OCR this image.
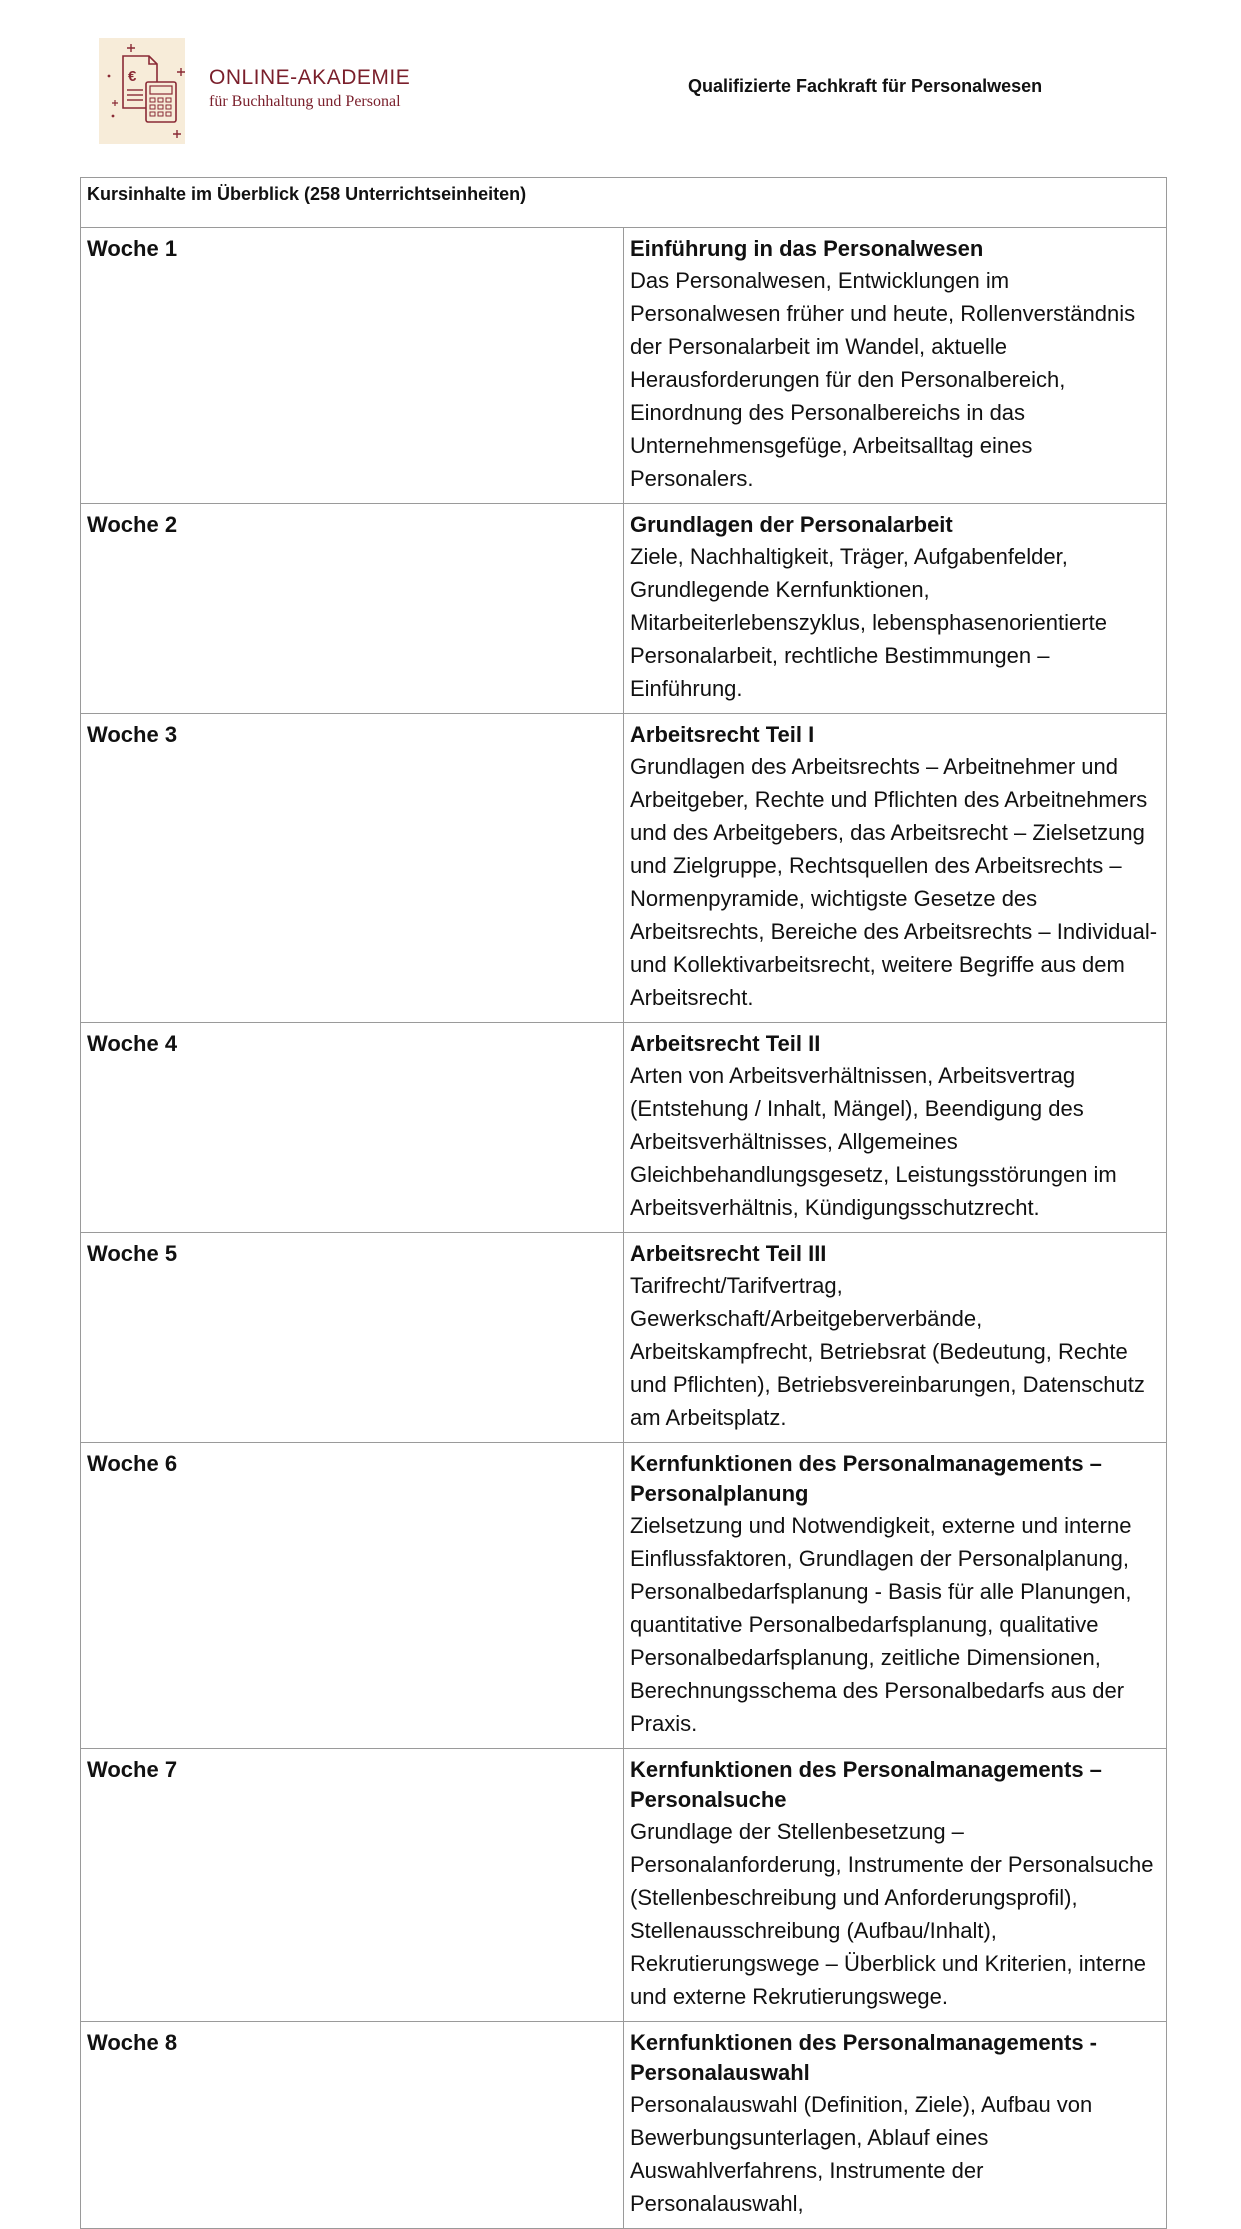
€	ONLINE-AKADEMIE
für Buchhaltung und Personal
Qualifizierte Fachkraft für Personalwesen
Kursinhalte im Überblick (258 Unterrichtseinheiten)	
Woche 1	Einführung in das Personalwesen
Das Personalwesen, Entwicklungen im Personalwesen früher und heute, Rollenverständnis der Personalarbeit im Wandel, aktuelle Herausforderungen für den Personalbereich, Einordnung des Personalbereichs in das Unternehmensgefüge, Arbeitsalltag eines Personalers.

Woche 2	Grundlagen der Personalarbeit
Ziele, Nachhaltigkeit, Träger, Aufgabenfelder, Grundlegende Kernfunktionen, Mitarbeiterlebenszyklus, lebensphasenorientierte Personalarbeit, rechtliche Bestimmungen – Einführung.

Woche 3	Arbeitsrecht Teil I
Grundlagen des Arbeitsrechts – Arbeitnehmer und Arbeitgeber, Rechte und Pflichten des Arbeitnehmers und des Arbeitgebers, das Arbeitsrecht – Zielsetzung und Zielgruppe, Rechtsquellen des Arbeitsrechts – Normenpyramide, wichtigste Gesetze des Arbeitsrechts, Bereiche des Arbeitsrechts – Individual- und Kollektivarbeitsrecht, weitere Begriffe aus dem Arbeitsrecht.

Woche 4	Arbeitsrecht Teil II
Arten von Arbeitsverhältnissen, Arbeitsvertrag (Entstehung / Inhalt, Mängel), Beendigung des Arbeitsverhältnisses, Allgemeines Gleichbehandlungsgesetz, Leistungsstörungen im Arbeitsverhältnis, Kündigungsschutzrecht.

Woche 5	Arbeitsrecht Teil III
Tarifrecht/Tarifvertrag, Gewerkschaft/Arbeitgeberverbände, Arbeitskampfrecht, Betriebsrat (Bedeutung, Rechte und Pflichten), Betriebsvereinbarungen, Datenschutz am Arbeitsplatz.

Woche 6	Kernfunktionen des Personalmanagements – Personalplanung
Zielsetzung und Notwendigkeit, externe und interne Einflussfaktoren, Grundlagen der Personalplanung, Personalbedarfsplanung - Basis für alle Planungen, quantitative Personalbedarfsplanung, qualitative Personalbedarfsplanung, zeitliche Dimensionen, Berechnungsschema des Personalbedarfs aus der Praxis.

Woche 7	Kernfunktionen des Personalmanagements – Personalsuche
Grundlage der Stellenbesetzung – Personalanforderung, Instrumente der Personalsuche (Stellenbeschreibung und Anforderungsprofil), Stellenausschreibung (Aufbau/Inhalt), Rekrutierungswege – Überblick und Kriterien, interne und externe Rekrutierungswege.

Woche 8	Kernfunktionen des Personalmanagements -Personalauswahl
Personalauswahl (Definition, Ziele), Aufbau von Bewerbungsunterlagen, Ablauf eines Auswahlverfahrens, Instrumente der Personalauswahl,
